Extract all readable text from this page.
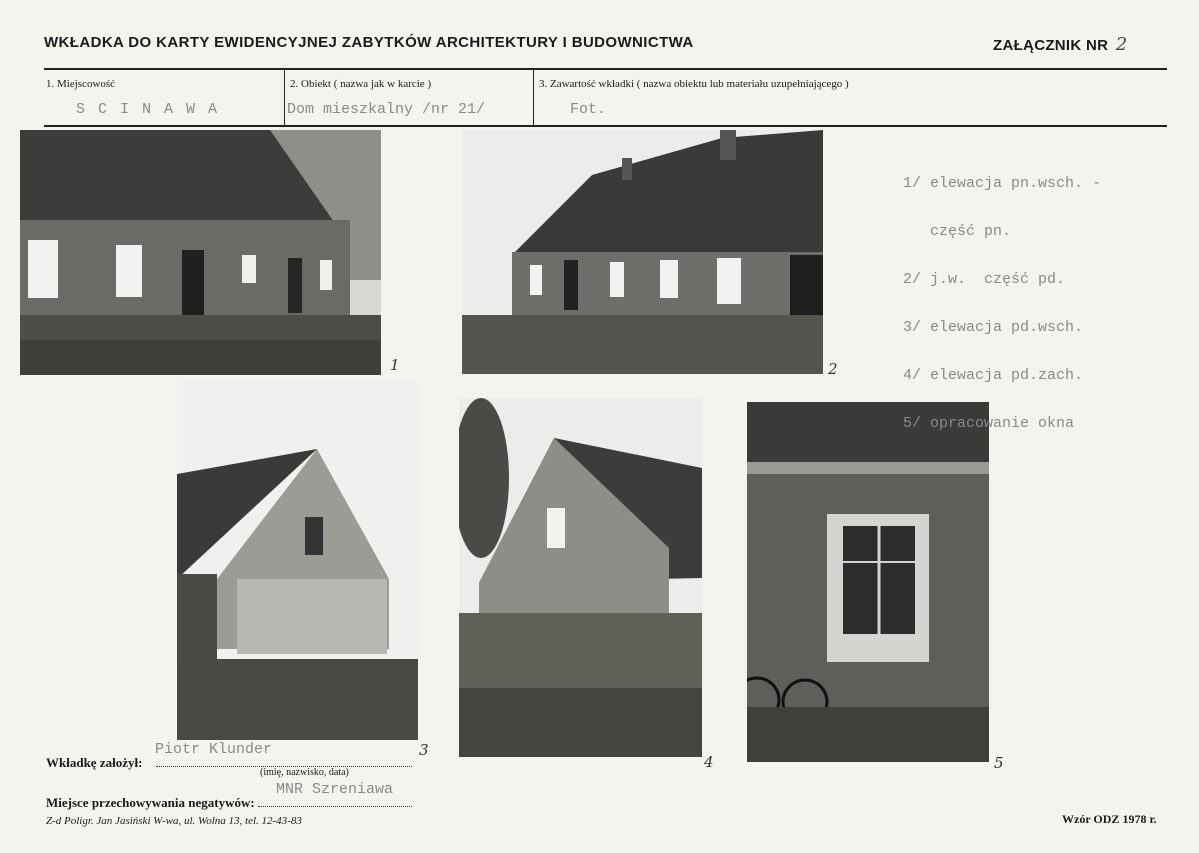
WKŁADKA DO KARTY EWIDENCYJNEJ ZABYTKÓW ARCHITEKTURY I BUDOWNICTWA	ZAŁĄCZNIK NR 2
1. Miejscowość
S C I N A W A
2. Obiekt ( nazwa jak w karcie )
Dom mieszkalny /nr 21/
3. Zawartość wkładki ( nazwa obiektu lub materiału uzupełniającego )
Fot.
1	2
3
4	5

1/ elewacja pn.wsch. -

część pn.

2/ j.w.  część pd.

3/ elewacja pd.wsch.

4/ elewacja pd.zach.

5/ opracowanie okna

Piotr Klunder
Wkładkę założył:
(imię, nazwisko, data)
MNR Szreniawa
Miejsce przechowywania negatywów:
Z-d Poligr. Jan Jasiński W-wa, ul. Wolna 13, tel. 12-43-83	Wzór ODZ 1978 r.
